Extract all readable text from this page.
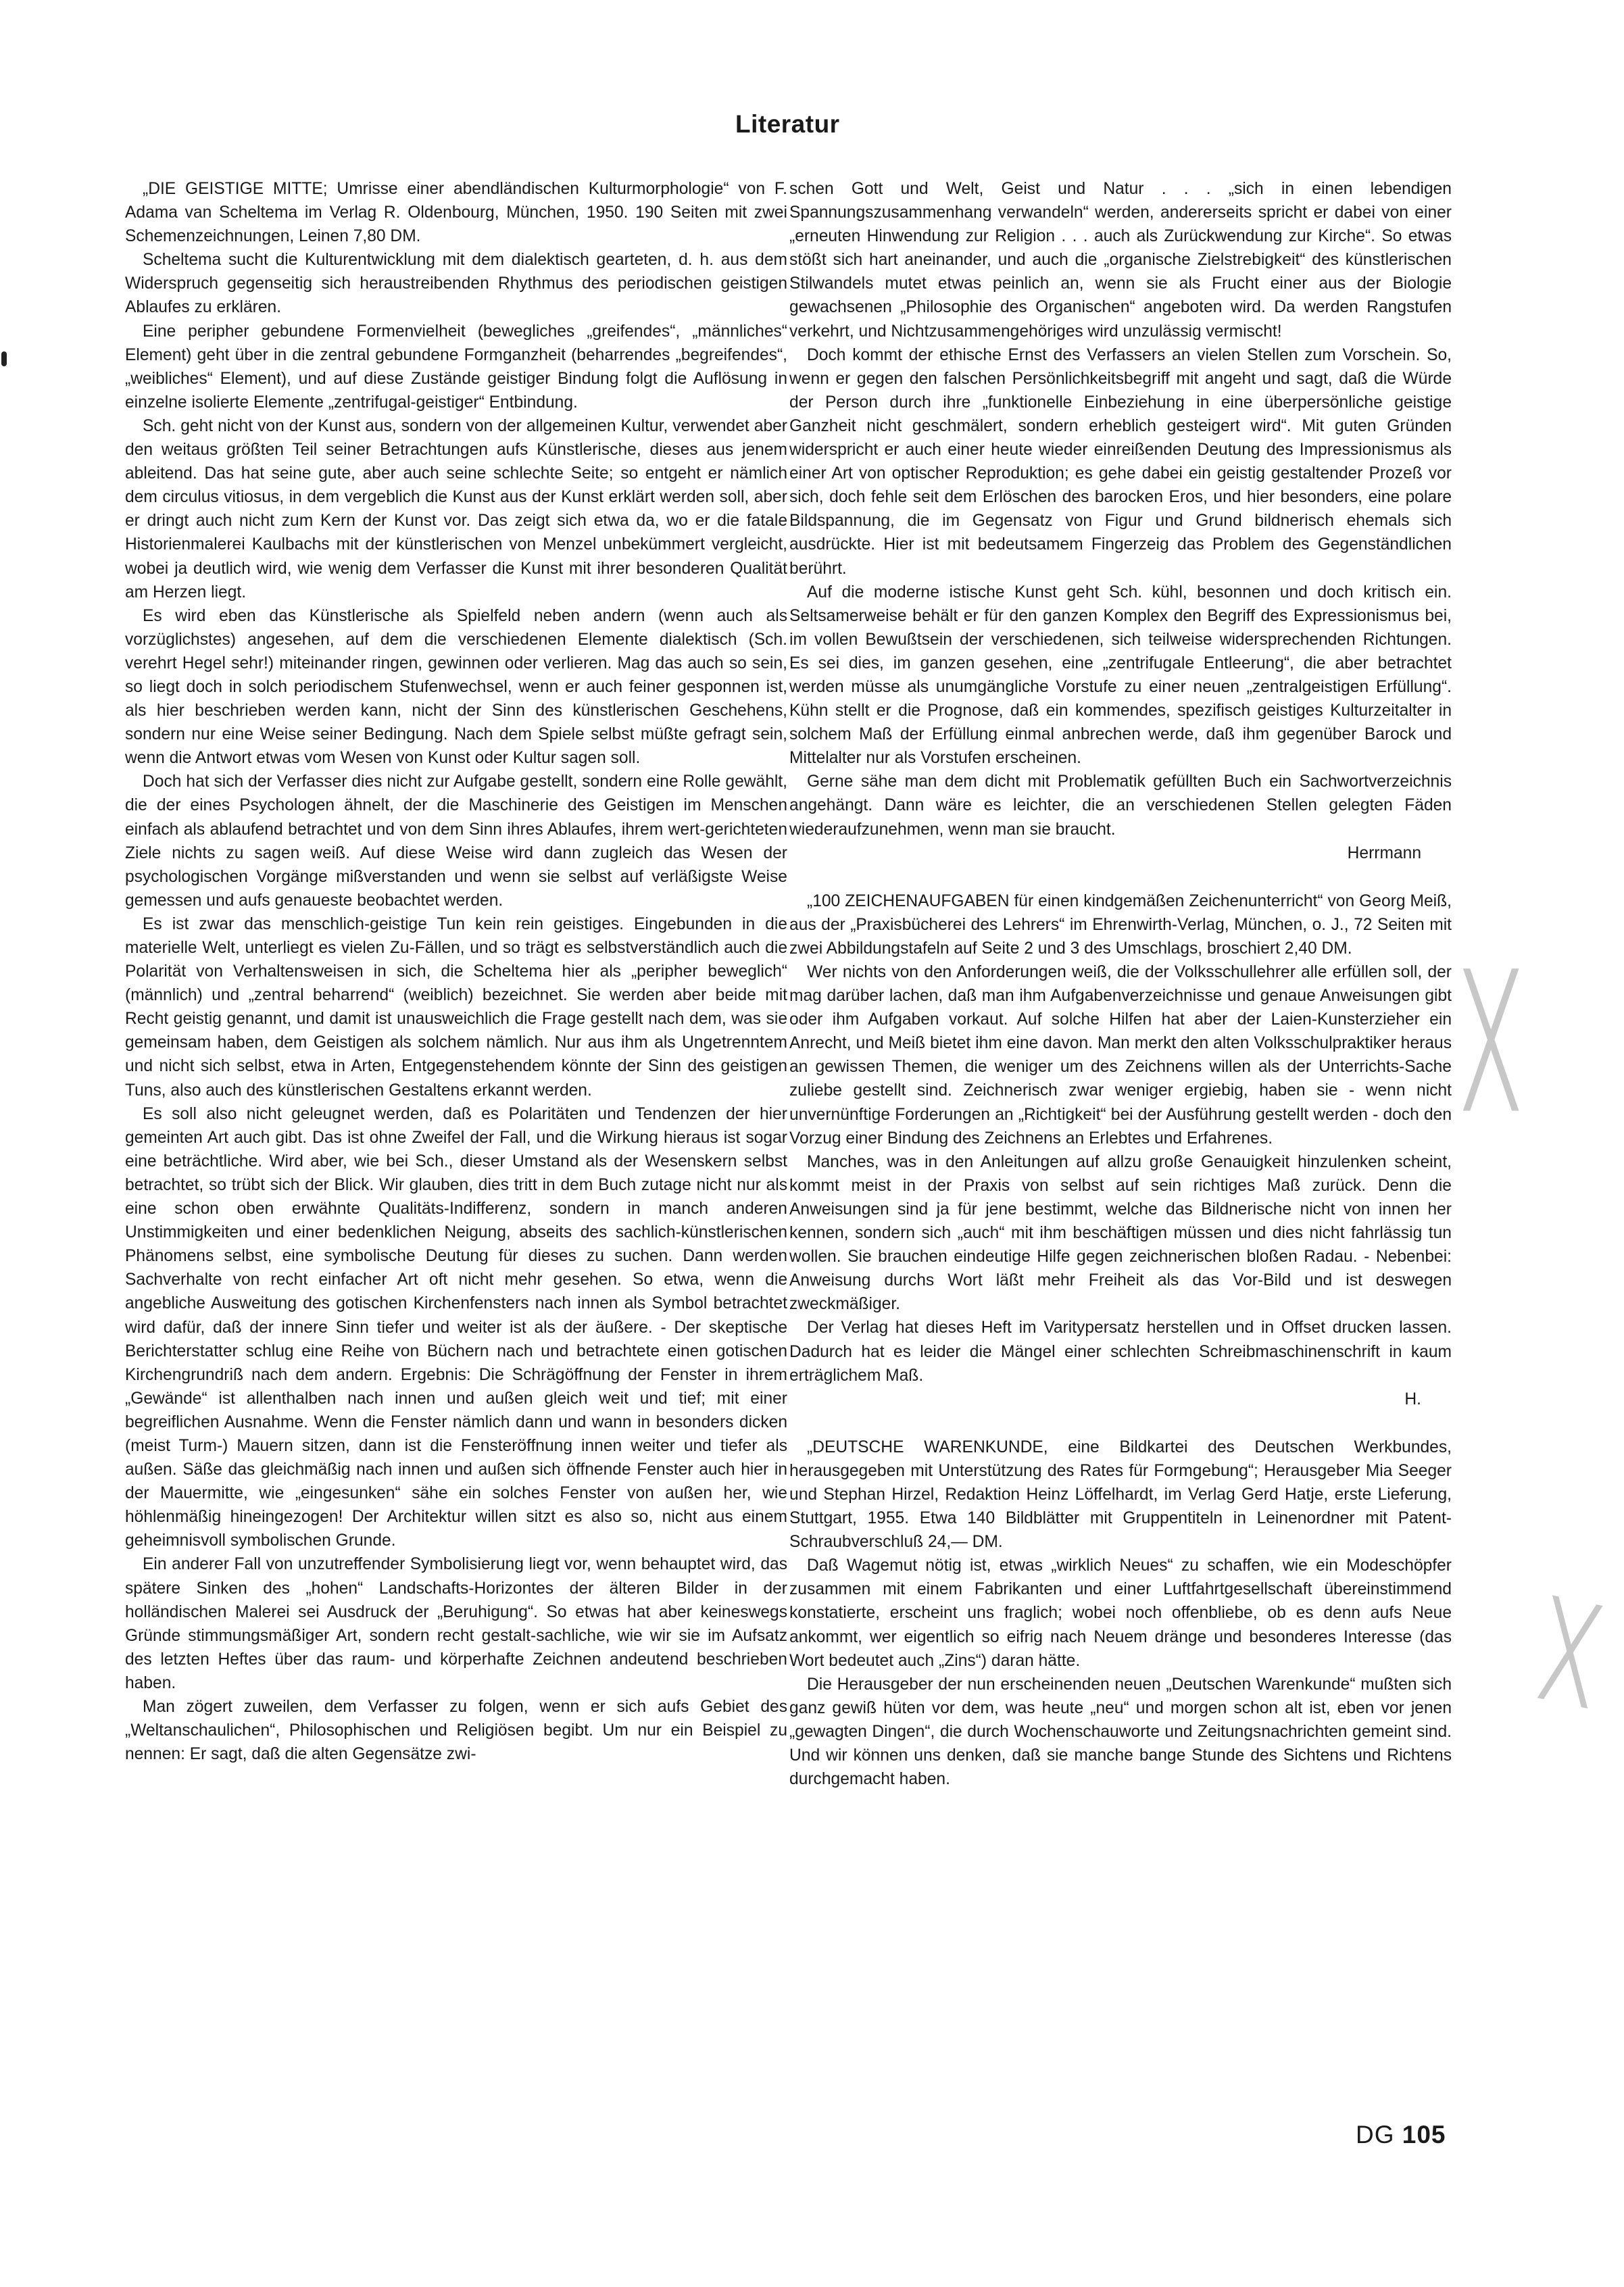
Literatur

„DIE GEISTIGE MITTE; Umrisse einer abendländischen Kulturmorphologie“ von F. Adama van Scheltema im Verlag R. Oldenbourg, München, 1950. 190 Seiten mit zwei Schemenzeichnungen, Leinen 7,80 DM.

Scheltema sucht die Kulturentwicklung mit dem dialektisch gearteten, d. h. aus dem Widerspruch gegenseitig sich heraustreibenden Rhythmus des periodischen geistigen Ablaufes zu erklären.

Eine peripher gebundene Formenvielheit (bewegliches „greifendes“, „männliches“ Element) geht über in die zentral gebundene Formganzheit (beharrendes „begreifendes“, „weibliches“ Element), und auf diese Zustände geistiger Bindung folgt die Auflösung in einzelne isolierte Elemente „zentrifugal-geistiger“ Entbindung.

Sch. geht nicht von der Kunst aus, sondern von der allgemeinen Kultur, verwendet aber den weitaus größten Teil seiner Betrachtungen aufs Künstlerische, dieses aus jenem ableitend. Das hat seine gute, aber auch seine schlechte Seite; so entgeht er nämlich dem circulus vitiosus, in dem vergeblich die Kunst aus der Kunst erklärt werden soll, aber er dringt auch nicht zum Kern der Kunst vor. Das zeigt sich etwa da, wo er die fatale Historienmalerei Kaulbachs mit der künstlerischen von Menzel unbekümmert vergleicht, wobei ja deutlich wird, wie wenig dem Verfasser die Kunst mit ihrer besonderen Qualität am Herzen liegt.

Es wird eben das Künstlerische als Spielfeld neben andern (wenn auch als vorzüglichstes) angesehen, auf dem die verschiedenen Elemente dialektisch (Sch. verehrt Hegel sehr!) miteinander ringen, gewinnen oder verlieren. Mag das auch so sein, so liegt doch in solch periodischem Stufenwechsel, wenn er auch feiner gesponnen ist, als hier beschrieben werden kann, nicht der Sinn des künstlerischen Geschehens, sondern nur eine Weise seiner Bedingung. Nach dem Spiele selbst müßte gefragt sein, wenn die Antwort etwas vom Wesen von Kunst oder Kultur sagen soll.

Doch hat sich der Verfasser dies nicht zur Aufgabe gestellt, sondern eine Rolle gewählt, die der eines Psychologen ähnelt, der die Maschinerie des Geistigen im Menschen einfach als ablaufend betrachtet und von dem Sinn ihres Ablaufes, ihrem wert-gerichteten Ziele nichts zu sagen weiß. Auf diese Weise wird dann zugleich das Wesen der psychologischen Vorgänge mißverstanden und wenn sie selbst auf verläßigste Weise gemessen und aufs genaueste beobachtet werden.

Es ist zwar das menschlich-geistige Tun kein rein geistiges. Eingebunden in die materielle Welt, unterliegt es vielen Zu-Fällen, und so trägt es selbstverständlich auch die Polarität von Verhaltensweisen in sich, die Scheltema hier als „peripher beweglich“ (männlich) und „zentral beharrend“ (weiblich) bezeichnet. Sie werden aber beide mit Recht geistig genannt, und damit ist unausweichlich die Frage gestellt nach dem, was sie gemeinsam haben, dem Geistigen als solchem nämlich. Nur aus ihm als Ungetrenntem und nicht sich selbst, etwa in Arten, Entgegenstehendem könnte der Sinn des geistigen Tuns, also auch des künstlerischen Gestaltens erkannt werden.

Es soll also nicht geleugnet werden, daß es Polaritäten und Tendenzen der hier gemeinten Art auch gibt. Das ist ohne Zweifel der Fall, und die Wirkung hieraus ist sogar eine beträchtliche. Wird aber, wie bei Sch., dieser Umstand als der Wesenskern selbst betrachtet, so trübt sich der Blick. Wir glauben, dies tritt in dem Buch zutage nicht nur als eine schon oben erwähnte Qualitäts-Indifferenz, sondern in manch anderen Unstimmigkeiten und einer bedenklichen Neigung, abseits des sachlich-künstlerischen Phänomens selbst, eine symbolische Deutung für dieses zu suchen. Dann werden Sachverhalte von recht einfacher Art oft nicht mehr gesehen. So etwa, wenn die angebliche Ausweitung des gotischen Kirchenfensters nach innen als Symbol betrachtet wird dafür, daß der innere Sinn tiefer und weiter ist als der äußere. - Der skeptische Berichterstatter schlug eine Reihe von Büchern nach und betrachtete einen gotischen Kirchengrundriß nach dem andern. Ergebnis: Die Schrägöffnung der Fenster in ihrem „Gewände“ ist allenthalben nach innen und außen gleich weit und tief; mit einer begreiflichen Ausnahme. Wenn die Fenster nämlich dann und wann in besonders dicken (meist Turm-) Mauern sitzen, dann ist die Fensteröffnung innen weiter und tiefer als außen. Säße das gleichmäßig nach innen und außen sich öffnende Fenster auch hier in der Mauermitte, wie „eingesunken“ sähe ein solches Fenster von außen her, wie höhlenmäßig hineingezogen! Der Architektur willen sitzt es also so, nicht aus einem geheimnisvoll symbolischen Grunde.

Ein anderer Fall von unzutreffender Symbolisierung liegt vor, wenn behauptet wird, das spätere Sinken des „hohen“ Landschafts-Horizontes der älteren Bilder in der holländischen Malerei sei Ausdruck der „Beruhigung“. So etwas hat aber keineswegs Gründe stimmungsmäßiger Art, sondern recht gestalt-sachliche, wie wir sie im Aufsatz des letzten Heftes über das raum- und körperhafte Zeichnen andeutend beschrieben haben.

Man zögert zuweilen, dem Verfasser zu folgen, wenn er sich aufs Gebiet des „Weltanschaulichen“, Philosophischen und Religiösen begibt. Um nur ein Beispiel zu nennen: Er sagt, daß die alten Gegensätze zwi-

schen Gott und Welt, Geist und Natur . . . „sich in einen lebendigen Spannungszusammenhang verwandeln“ werden, andererseits spricht er dabei von einer „erneuten Hinwendung zur Religion . . . auch als Zurückwendung zur Kirche“. So etwas stößt sich hart aneinander, und auch die „organische Zielstrebigkeit“ des künstlerischen Stilwandels mutet etwas peinlich an, wenn sie als Frucht einer aus der Biologie gewachsenen „Philosophie des Organischen“ angeboten wird. Da werden Rangstufen verkehrt, und Nichtzusammengehöriges wird unzulässig vermischt!

Doch kommt der ethische Ernst des Verfassers an vielen Stellen zum Vorschein. So, wenn er gegen den falschen Persönlichkeitsbegriff mit angeht und sagt, daß die Würde der Person durch ihre „funktionelle Einbeziehung in eine überpersönliche geistige Ganzheit nicht geschmälert, sondern erheblich gesteigert wird“. Mit guten Gründen widerspricht er auch einer heute wieder einreißenden Deutung des Impressionismus als einer Art von optischer Reproduktion; es gehe dabei ein geistig gestaltender Prozeß vor sich, doch fehle seit dem Erlöschen des barocken Eros, und hier besonders, eine polare Bildspannung, die im Gegensatz von Figur und Grund bildnerisch ehemals sich ausdrückte. Hier ist mit bedeutsamem Fingerzeig das Problem des Gegenständlichen berührt.

Auf die moderne istische Kunst geht Sch. kühl, besonnen und doch kritisch ein. Seltsamerweise behält er für den ganzen Komplex den Begriff des Expressionismus bei, im vollen Bewußtsein der verschiedenen, sich teilweise widersprechenden Richtungen. Es sei dies, im ganzen gesehen, eine „zentrifugale Entleerung“, die aber betrachtet werden müsse als unumgängliche Vorstufe zu einer neuen „zentralgeistigen Erfüllung“. Kühn stellt er die Prognose, daß ein kommendes, spezifisch geistiges Kulturzeitalter in solchem Maß der Erfüllung einmal anbrechen werde, daß ihm gegenüber Barock und Mittelalter nur als Vorstufen erscheinen.

Gerne sähe man dem dicht mit Problematik gefüllten Buch ein Sachwortverzeichnis angehängt. Dann wäre es leichter, die an verschiedenen Stellen gelegten Fäden wiederaufzunehmen, wenn man sie braucht.

Herrmann

„100 ZEICHENAUFGABEN für einen kindgemäßen Zeichenunterricht“ von Georg Meiß, aus der „Praxisbücherei des Lehrers“ im Ehrenwirth-Verlag, München, o. J., 72 Seiten mit zwei Abbildungstafeln auf Seite 2 und 3 des Umschlags, broschiert 2,40 DM.

Wer nichts von den Anforderungen weiß, die der Volksschullehrer alle erfüllen soll, der mag darüber lachen, daß man ihm Aufgabenverzeichnisse und genaue Anweisungen gibt oder ihm Aufgaben vorkaut. Auf solche Hilfen hat aber der Laien-Kunsterzieher ein Anrecht, und Meiß bietet ihm eine davon. Man merkt den alten Volksschulpraktiker heraus an gewissen Themen, die weniger um des Zeichnens willen als der Unterrichts-Sache zuliebe gestellt sind. Zeichnerisch zwar weniger ergiebig, haben sie - wenn nicht unvernünftige Forderungen an „Richtigkeit“ bei der Ausführung gestellt werden - doch den Vorzug einer Bindung des Zeichnens an Erlebtes und Erfahrenes.

Manches, was in den Anleitungen auf allzu große Genauigkeit hinzulenken scheint, kommt meist in der Praxis von selbst auf sein richtiges Maß zurück. Denn die Anweisungen sind ja für jene bestimmt, welche das Bildnerische nicht von innen her kennen, sondern sich „auch“ mit ihm beschäftigen müssen und dies nicht fahrlässig tun wollen. Sie brauchen eindeutige Hilfe gegen zeichnerischen bloßen Radau. - Nebenbei: Anweisung durchs Wort läßt mehr Freiheit als das Vor-Bild und ist deswegen zweckmäßiger.

Der Verlag hat dieses Heft im Varitypersatz herstellen und in Offset drucken lassen. Dadurch hat es leider die Mängel einer schlechten Schreibmaschinenschrift in kaum erträglichem Maß.

H.

„DEUTSCHE WARENKUNDE, eine Bildkartei des Deutschen Werkbundes, herausgegeben mit Unterstützung des Rates für Formgebung“; Herausgeber Mia Seeger und Stephan Hirzel, Redaktion Heinz Löffelhardt, im Verlag Gerd Hatje, erste Lieferung, Stuttgart, 1955. Etwa 140 Bildblätter mit Gruppentiteln in Leinenordner mit Patent-Schraubverschluß 24,— DM.

Daß Wagemut nötig ist, etwas „wirklich Neues“ zu schaffen, wie ein Modeschöpfer zusammen mit einem Fabrikanten und einer Luftfahrtgesellschaft übereinstimmend konstatierte, erscheint uns fraglich; wobei noch offenbliebe, ob es denn aufs Neue ankommt, wer eigentlich so eifrig nach Neuem dränge und besonderes Interesse (das Wort bedeutet auch „Zins“) daran hätte.

Die Herausgeber der nun erscheinenden neuen „Deutschen Warenkunde“ mußten sich ganz gewiß hüten vor dem, was heute „neu“ und morgen schon alt ist, eben vor jenen „gewagten Dingen“, die durch Wochenschauworte und Zeitungsnachrichten gemeint sind. Und wir können uns denken, daß sie manche bange Stunde des Sichtens und Richtens durchgemacht haben.

╳
╳
DG 105
